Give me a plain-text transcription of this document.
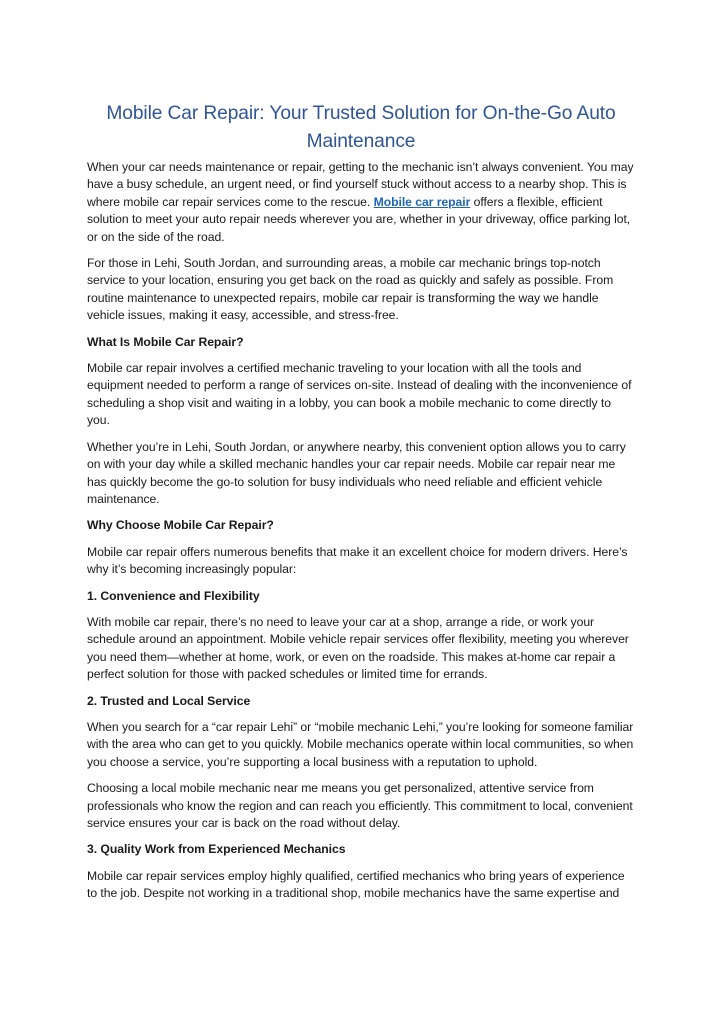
Mobile Car Repair: Your Trusted Solution for On-the-Go Auto Maintenance

When your car needs maintenance or repair, getting to the mechanic isn’t always convenient. You may have a busy schedule, an urgent need, or find yourself stuck without access to a nearby shop. This is where mobile car repair services come to the rescue. Mobile car repair offers a flexible, efficient solution to meet your auto repair needs wherever you are, whether in your driveway, office parking lot, or on the side of the road.

For those in Lehi, South Jordan, and surrounding areas, a mobile car mechanic brings top-notch service to your location, ensuring you get back on the road as quickly and safely as possible. From routine maintenance to unexpected repairs, mobile car repair is transforming the way we handle vehicle issues, making it easy, accessible, and stress-free.

What Is Mobile Car Repair?

Mobile car repair involves a certified mechanic traveling to your location with all the tools and equipment needed to perform a range of services on-site. Instead of dealing with the inconvenience of scheduling a shop visit and waiting in a lobby, you can book a mobile mechanic to come directly to you.

Whether you’re in Lehi, South Jordan, or anywhere nearby, this convenient option allows you to carry on with your day while a skilled mechanic handles your car repair needs. Mobile car repair near me has quickly become the go-to solution for busy individuals who need reliable and efficient vehicle maintenance.

Why Choose Mobile Car Repair?

Mobile car repair offers numerous benefits that make it an excellent choice for modern drivers. Here’s why it’s becoming increasingly popular:

1. Convenience and Flexibility

With mobile car repair, there’s no need to leave your car at a shop, arrange a ride, or work your schedule around an appointment. Mobile vehicle repair services offer flexibility, meeting you wherever you need them—whether at home, work, or even on the roadside. This makes at-home car repair a perfect solution for those with packed schedules or limited time for errands.

2. Trusted and Local Service

When you search for a “car repair Lehi” or “mobile mechanic Lehi,” you’re looking for someone familiar with the area who can get to you quickly. Mobile mechanics operate within local communities, so when you choose a service, you’re supporting a local business with a reputation to uphold.

Choosing a local mobile mechanic near me means you get personalized, attentive service from professionals who know the region and can reach you efficiently. This commitment to local, convenient service ensures your car is back on the road without delay.

3. Quality Work from Experienced Mechanics

Mobile car repair services employ highly qualified, certified mechanics who bring years of experience to the job. Despite not working in a traditional shop, mobile mechanics have the same expertise and
